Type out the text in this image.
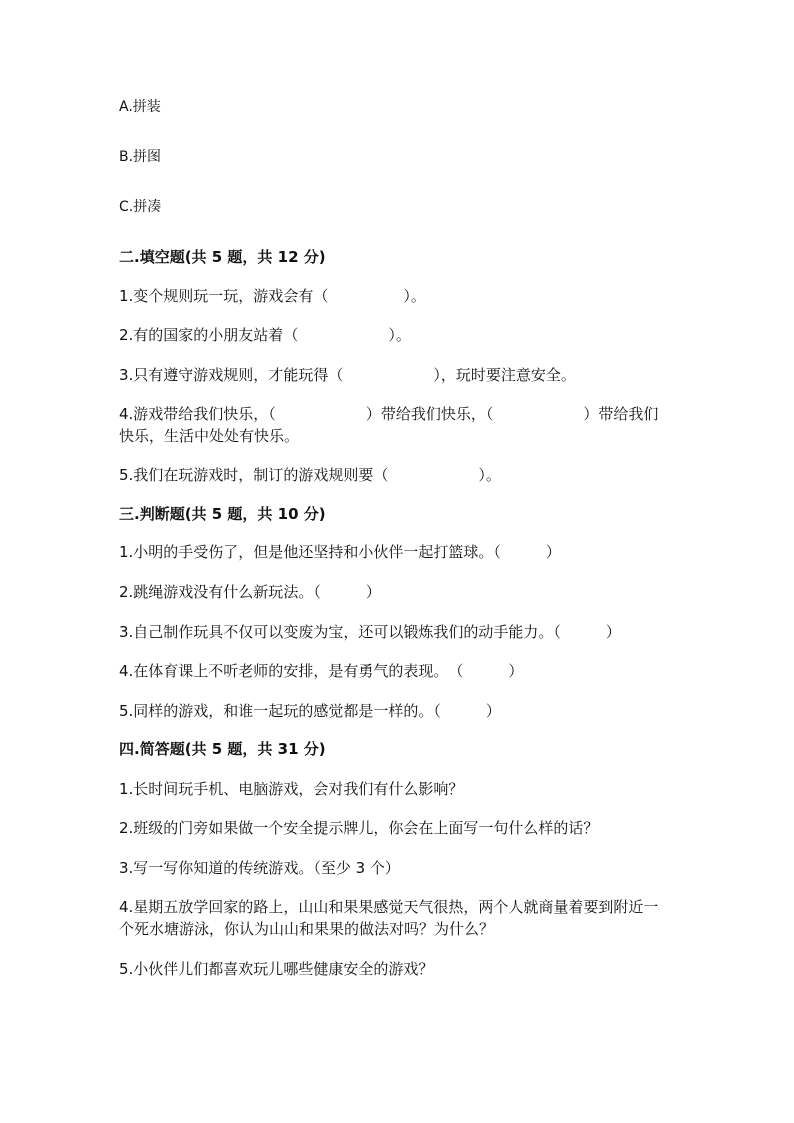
A.拼装
B.拼图
C.拼凑
二.填空题(共 5 题，共 12 分)
1.变个规则玩一玩，游戏会有（　　　　　）。
2.有的国家的小朋友站着（　　　　　　）。
3.只有遵守游戏规则，才能玩得（　　　　　　），玩时要注意安全。
4.游戏带给我们快乐，（　　　　　　）带给我们快乐，（　　　　　　）带给我们快乐，生活中处处有快乐。
5.我们在玩游戏时，制订的游戏规则要（　　　　　　）。
三.判断题(共 5 题，共 10 分)
1.小明的手受伤了，但是他还坚持和小伙伴一起打篮球。（　　　）
2.跳绳游戏没有什么新玩法。（　　　）
3.自己制作玩具不仅可以变废为宝，还可以锻炼我们的动手能力。（　　　）
4.在体育课上不听老师的安排，是有勇气的表现。　（　　　）
5.同样的游戏，和谁一起玩的感觉都是一样的。（　　　）
四.简答题(共 5 题，共 31 分)
1.长时间玩手机、电脑游戏，会对我们有什么影响？
2.班级的门旁如果做一个安全提示牌儿，你会在上面写一句什么样的话？
3.写一写你知道的传统游戏。（至少 3 个）
4.星期五放学回家的路上，山山和果果感觉天气很热，两个人就商量着要到附近一个死水塘游泳，你认为山山和果果的做法对吗？为什么？
5.小伙伴儿们都喜欢玩儿哪些健康安全的游戏？
